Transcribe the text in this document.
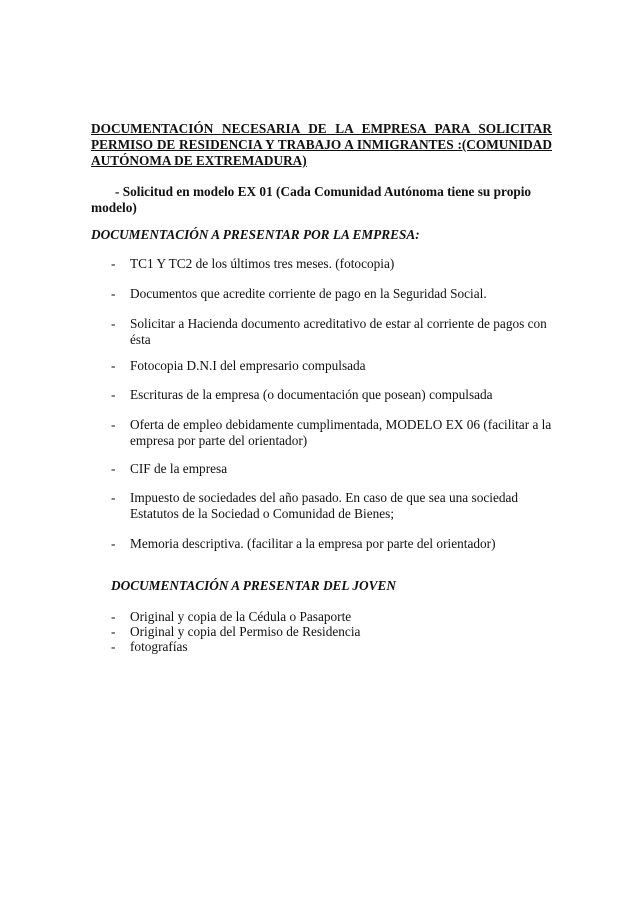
DOCUMENTACIÓN NECESARIA DE LA EMPRESA PARA SOLICITAR PERMISO DE RESIDENCIA Y TRABAJO A INMIGRANTES :(COMUNIDAD AUTÓNOMA DE EXTREMADURA)
- Solicitud en modelo EX 01 (Cada Comunidad Autónoma tiene su propio modelo)
DOCUMENTACIÓN A PRESENTAR POR LA EMPRESA:
- TC1 Y TC2 de los últimos tres meses. (fotocopia)
- Documentos que acredite corriente de pago en la Seguridad Social.
- Solicitar a Hacienda documento acreditativo de estar al corriente de pagos con ésta
- Fotocopia D.N.I del empresario compulsada
- Escrituras de la empresa (o documentación que posean) compulsada
- Oferta de empleo debidamente cumplimentada, MODELO EX 06 (facilitar a la empresa por parte del orientador)
- CIF de la empresa
- Impuesto de sociedades del año pasado. En caso de que sea una sociedad Estatutos de la Sociedad o Comunidad de Bienes;
- Memoria descriptiva. (facilitar a la empresa por parte del orientador)
DOCUMENTACIÓN A PRESENTAR DEL JOVEN
- Original y copia de la Cédula o Pasaporte
- Original y copia del Permiso de Residencia
- fotografías
